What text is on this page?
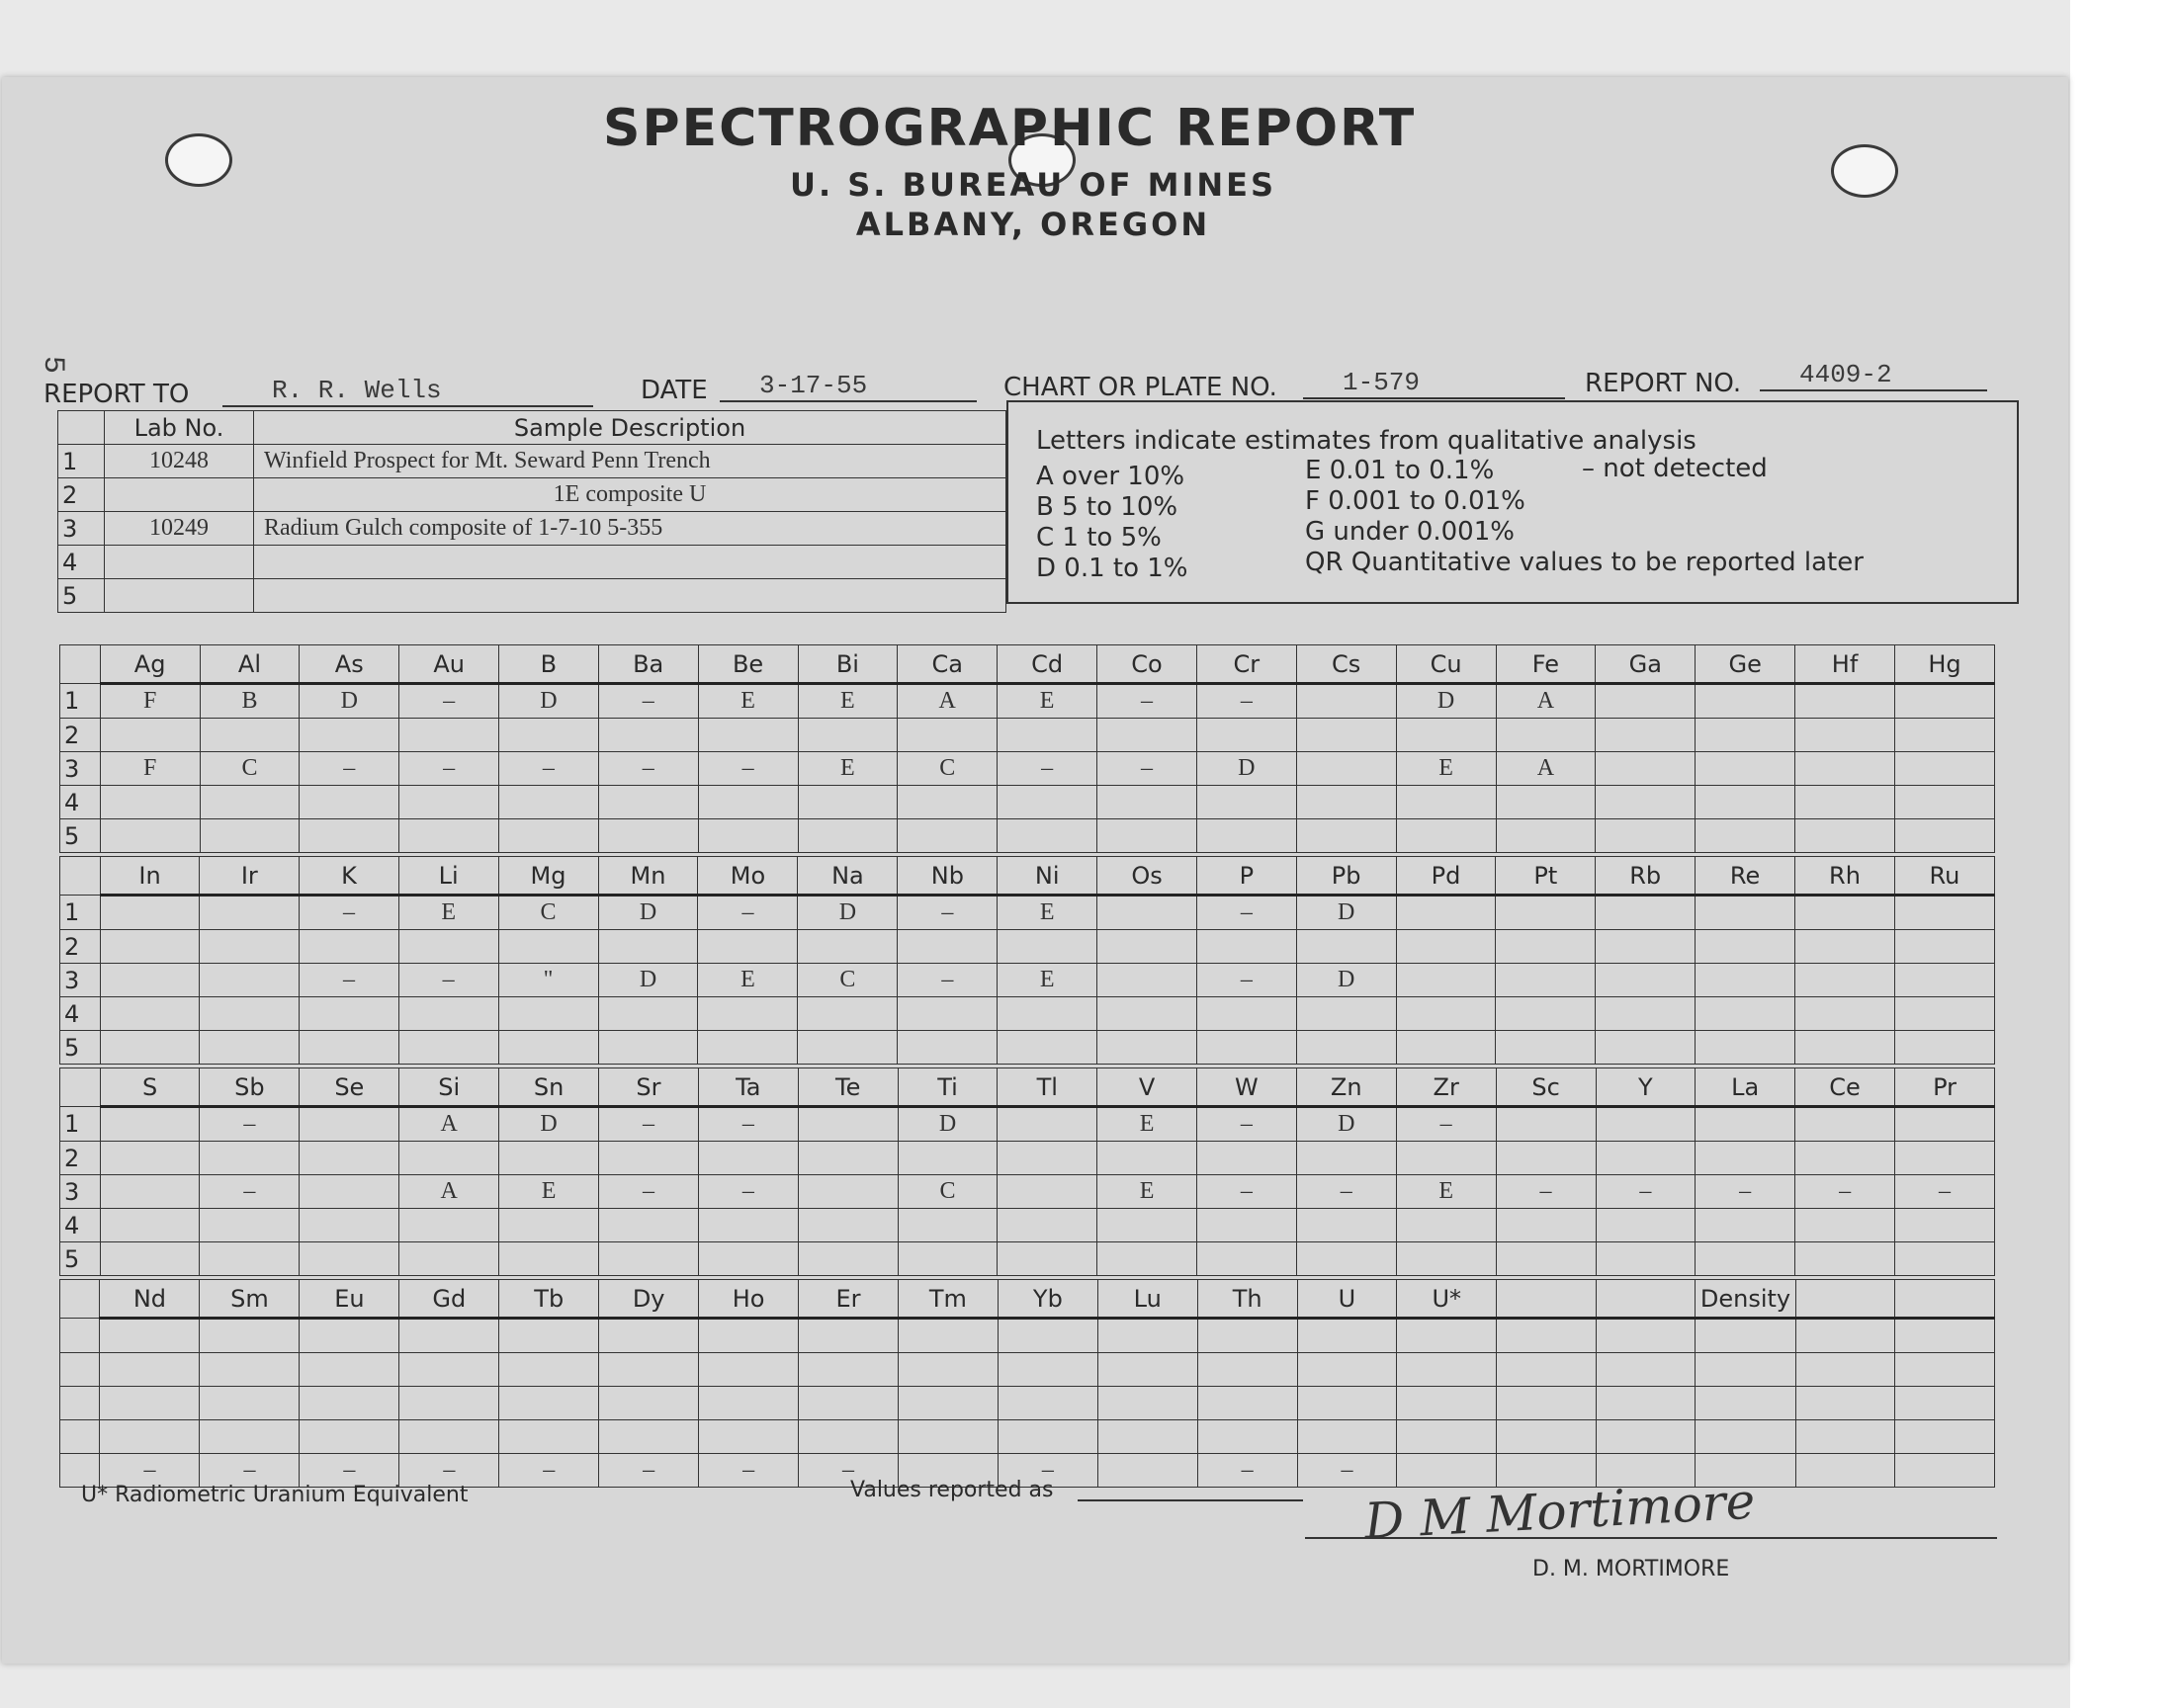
SPECTROGRAPHIC REPORT
U. S. BUREAU OF MINES
ALBANY, OREGON
5
REPORT TO	R. R. Wells	DATE	3-17-55	CHART OR PLATE NO.	1-579	REPORT NO.	4409-2
	Lab No.	Sample Description
1	10248	Winfield Prospect for Mt. Seward Penn Trench
2		1E composite U
3	10249	Radium Gulch composite of 1-7-10 5-355
4		
5		
Letters indicate estimates from qualitative analysis
A over 10%
B 5 to 10%
C 1 to 5%
D 0.1 to 1%
E 0.01 to 0.1%
F 0.001 to 0.01%
G under 0.001%
QR Quantitative values to be reported later
– not detected
	Ag	Al	As	Au	B	Ba	Be	Bi	Ca	Cd	Co	Cr	Cs	Cu	Fe	Ga	Ge	Hf	Hg
1	F	B	D	–	D	–	E	E	A	E	–	–		D	A				
2																			
3	F	C	–	–	–	–	–	E	C	–	–	D		E	A				
4																			
5																			
	In	Ir	K	Li	Mg	Mn	Mo	Na	Nb	Ni	Os	P	Pb	Pd	Pt	Rb	Re	Rh	Ru
1			–	E	C	D	–	D	–	E		–	D						
2																			
3			–	–	"	D	E	C	–	E		–	D						
4																			
5																			
	S	Sb	Se	Si	Sn	Sr	Ta	Te	Ti	Tl	V	W	Zn	Zr	Sc	Y	La	Ce	Pr
1		–		A	D	–	–		D		E	–	D	–					
2																			
3		–		A	E	–	–		C		E	–	–	E	–	–	–	–	–
4																			
5																			
	Nd	Sm	Eu	Gd	Tb	Dy	Ho	Er	Tm	Yb	Lu	Th	U	U*			Density		

	–	–	–	–	–	–	–	–		–		–	–						
U* Radiometric Uranium Equivalent	Values reported as	D M Mortimore
D. M. MORTIMORE
